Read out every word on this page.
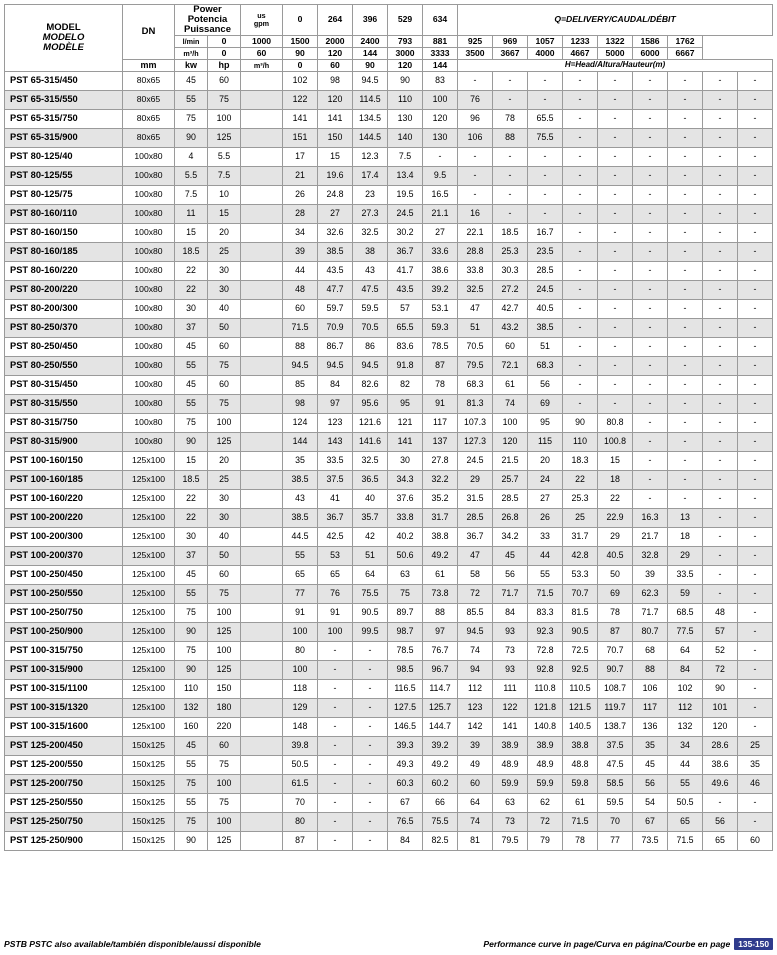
MODEL
MODELO
MODÈLE
	DN	
Power
Potencia
Puissance
	us
gpm	0	264	396	529	634	Q=DELIVERY/CAUDAL/DÉBIT
		l/min	0	1000	1500	2000	2400	793	881	925	969	1057	1233	1322	1586	1762		
		m³/h	0	60	90	120	144	3000	3333	3500	3667	4000	4667	5000	6000	6667		
	mm	kw	hp	m³/h	0	60	90	120	144	H=Head/Altura/Hauteur(m)								
PST 65-315/450	80x65	45	60		102	98	94.5	90	83	-	-	-	-	-	-	-	-	-
PST 65-315/550	80x65	55	75		122	120	114.5	110	100	76	-	-	-	-	-	-	-	-
PST 65-315/750	80x65	75	100		141	141	134.5	130	120	96	78	65.5	-	-	-	-	-	-
PST 65-315/900	80x65	90	125		151	150	144.5	140	130	106	88	75.5	-	-	-	-	-	-
PST 80-125/40	100x80	4	5.5		17	15	12.3	7.5	-	-	-	-	-	-	-	-	-	-
PST 80-125/55	100x80	5.5	7.5		21	19.6	17.4	13.4	9.5	-	-	-	-	-	-	-	-	-
PST 80-125/75	100x80	7.5	10		26	24.8	23	19.5	16.5	-	-	-	-	-	-	-	-	-
PST 80-160/110	100x80	11	15		28	27	27.3	24.5	21.1	16	-	-	-	-	-	-	-	-
PST 80-160/150	100x80	15	20		34	32.6	32.5	30.2	27	22.1	18.5	16.7	-	-	-	-	-	-
PST 80-160/185	100x80	18.5	25		39	38.5	38	36.7	33.6	28.8	25.3	23.5	-	-	-	-	-	-
PST 80-160/220	100x80	22	30		44	43.5	43	41.7	38.6	33.8	30.3	28.5	-	-	-	-	-	-
PST 80-200/220	100x80	22	30		48	47.7	47.5	43.5	39.2	32.5	27.2	24.5	-	-	-	-	-	-
PST 80-200/300	100x80	30	40		60	59.7	59.5	57	53.1	47	42.7	40.5	-	-	-	-	-	-
PST 80-250/370	100x80	37	50		71.5	70.9	70.5	65.5	59.3	51	43.2	38.5	-	-	-	-	-	-
PST 80-250/450	100x80	45	60		88	86.7	86	83.6	78.5	70.5	60	51	-	-	-	-	-	-
PST 80-250/550	100x80	55	75		94.5	94.5	94.5	91.8	87	79.5	72.1	68.3	-	-	-	-	-	-
PST 80-315/450	100x80	45	60		85	84	82.6	82	78	68.3	61	56	-	-	-	-	-	-
PST 80-315/550	100x80	55	75		98	97	95.6	95	91	81.3	74	69	-	-	-	-	-	-
PST 80-315/750	100x80	75	100		124	123	121.6	121	117	107.3	100	95	90	80.8	-	-	-	-
PST 80-315/900	100x80	90	125		144	143	141.6	141	137	127.3	120	115	110	100.8	-	-	-	-
PST 100-160/150	125x100	15	20		35	33.5	32.5	30	27.8	24.5	21.5	20	18.3	15	-	-	-	-
PST 100-160/185	125x100	18.5	25		38.5	37.5	36.5	34.3	32.2	29	25.7	24	22	18	-	-	-	-
PST 100-160/220	125x100	22	30		43	41	40	37.6	35.2	31.5	28.5	27	25.3	22	-	-	-	-
PST 100-200/220	125x100	22	30		38.5	36.7	35.7	33.8	31.7	28.5	26.8	26	25	22.9	16.3	13	-	-
PST 100-200/300	125x100	30	40		44.5	42.5	42	40.2	38.8	36.7	34.2	33	31.7	29	21.7	18	-	-
PST 100-200/370	125x100	37	50		55	53	51	50.6	49.2	47	45	44	42.8	40.5	32.8	29	-	-
PST 100-250/450	125x100	45	60		65	65	64	63	61	58	56	55	53.3	50	39	33.5	-	-
PST 100-250/550	125x100	55	75		77	76	75.5	75	73.8	72	71.7	71.5	70.7	69	62.3	59	-	-
PST 100-250/750	125x100	75	100		91	91	90.5	89.7	88	85.5	84	83.3	81.5	78	71.7	68.5	48	-
PST 100-250/900	125x100	90	125		100	100	99.5	98.7	97	94.5	93	92.3	90.5	87	80.7	77.5	57	-
PST 100-315/750	125x100	75	100		80	-	-	78.5	76.7	74	73	72.8	72.5	70.7	68	64	52	-
PST 100-315/900	125x100	90	125		100	-	-	98.5	96.7	94	93	92.8	92.5	90.7	88	84	72	-
PST 100-315/1100	125x100	110	150		118	-	-	116.5	114.7	112	111	110.8	110.5	108.7	106	102	90	-
PST 100-315/1320	125x100	132	180		129	-	-	127.5	125.7	123	122	121.8	121.5	119.7	117	112	101	-
PST 100-315/1600	125x100	160	220		148	-	-	146.5	144.7	142	141	140.8	140.5	138.7	136	132	120	-
PST 125-200/450	150x125	45	60		39.8	-	-	39.3	39.2	39	38.9	38.9	38.8	37.5	35	34	28.6	25
PST 125-200/550	150x125	55	75		50.5	-	-	49.3	49.2	49	48.9	48.9	48.8	47.5	45	44	38.6	35
PST 125-200/750	150x125	75	100		61.5	-	-	60.3	60.2	60	59.9	59.9	59.8	58.5	56	55	49.6	46
PST 125-250/550	150x125	55	75		70	-	-	67	66	64	63	62	61	59.5	54	50.5	-	-
PST 125-250/750	150x125	75	100		80	-	-	76.5	75.5	74	73	72	71.5	70	67	65	56	-
PST 125-250/900	150x125	90	125		87	-	-	84	82.5	81	79.5	79	78	77	73.5	71.5	65	60
PSTB PSTC also available/también disponible/aussi disponible	Performance curve in page/Curva en página/Courbe en page 135-150
